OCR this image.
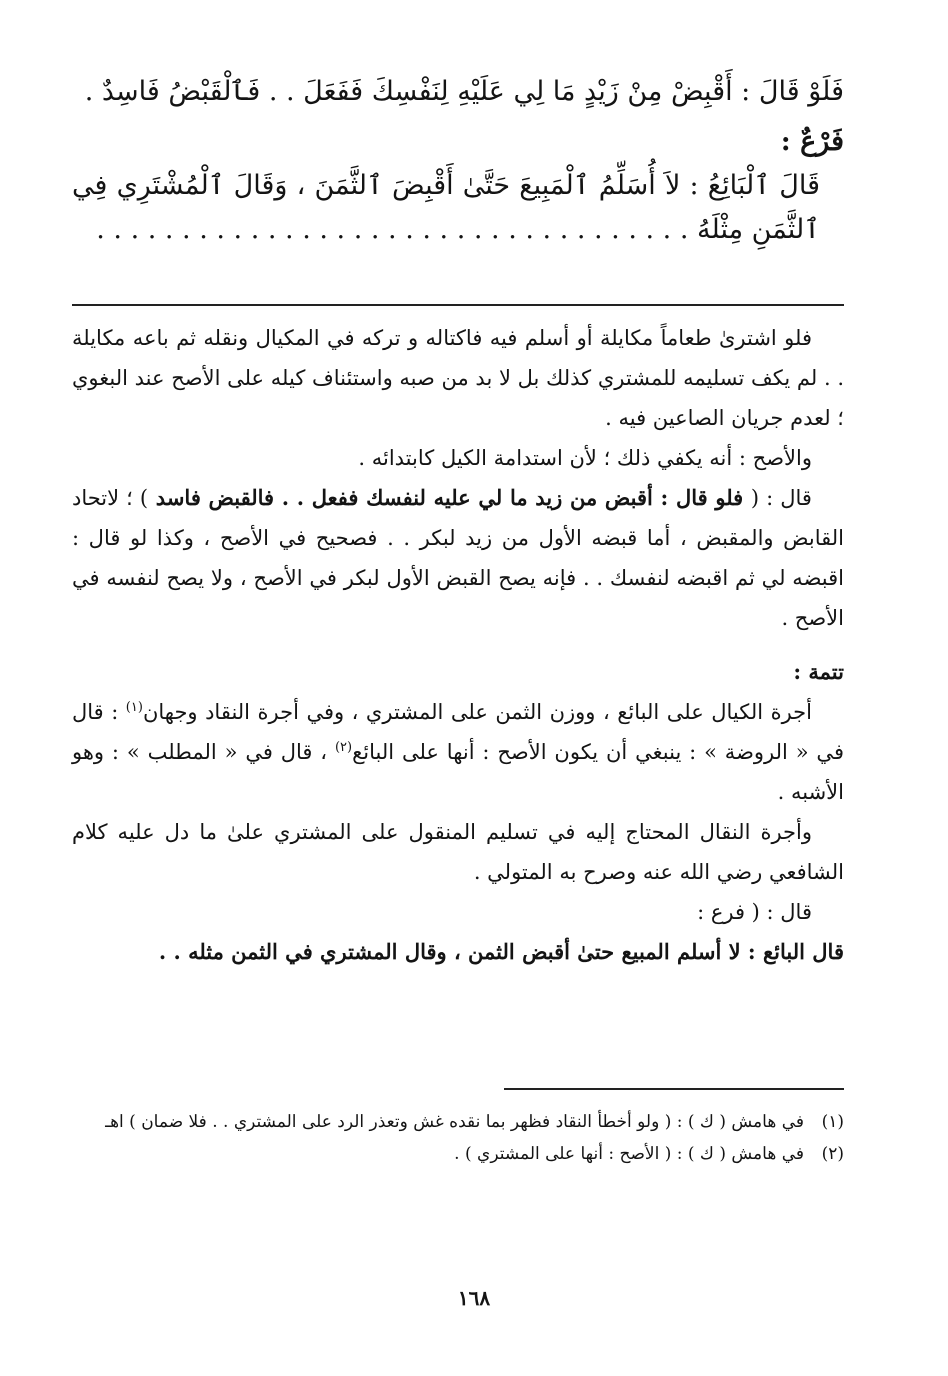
فَلَوْ قَالَ : أَقْبِضْ مِنْ زَيْدٍ مَا لِي عَلَيْهِ لِنَفْسِكَ فَفَعَلَ . . فَٱلْقَبْضُ فَاسِدٌ .

فَرْعٌ :

قَالَ ٱلْبَائِعُ : لاَ أُسَلِّمُ ٱلْمَبِيعَ حَتَّىٰ أَقْبِضَ ٱلثَّمَنَ ، وَقَالَ ٱلْمُشْتَرِي فِي ٱلثَّمَنِ مِثْلَهُ . . . . . . . . . . . . . . . . . . . . . . . . . . . . . . . . . . .

فلو اشترىٰ طعاماً مكايلة أو أسلم فيه فاكتاله و تركه في المكيال ونقله ثم باعه مكايلة . . لم يكف تسليمه للمشتري كذلك بل لا بد من صبه واستئناف كيله على الأصح عند البغوي ؛ لعدم جريان الصاعين فيه .

والأصح : أنه يكفي ذلك ؛ لأن استدامة الكيل كابتدائه .

قال : ( فلو قال : أقبض من زيد ما لي عليه لنفسك ففعل . . فالقبض فاسد ) ؛ لاتحاد القابض والمقبض ، أما قبضه الأول من زيد لبكر . . فصحيح في الأصح ، وكذا لو قال : اقبضه لي ثم اقبضه لنفسك . . فإنه يصح القبض الأول لبكر في الأصح ، ولا يصح لنفسه في الأصح .

تتمة :

أجرة الكيال على البائع ، ووزن الثمن على المشتري ، وفي أجرة النقاد وجهان$^{(١)}$ : قال في « الروضة » : ينبغي أن يكون الأصح : أنها على البائع$^{(٢)}$ ، قال في « المطلب » : وهو الأشبه .

وأجرة النقال المحتاج إليه في تسليم المنقول على المشتري علىٰ ما دل عليه كلام الشافعي رضي الله عنه وصرح به المتولي .

قال : ( فرع :

قال البائع : لا أسلم المبيع حتىٰ أقبض الثمن ، وقال المشتري في الثمن مثله . .

(١)
في هامش ( ك ) : ( ولو أخطأ النقاد فظهر بما نقده غش وتعذر الرد على المشتري . . فلا ضمان ) اهـ
(٢)
في هامش ( ك ) : ( الأصح : أنها على المشتري ) .
١٦٨
